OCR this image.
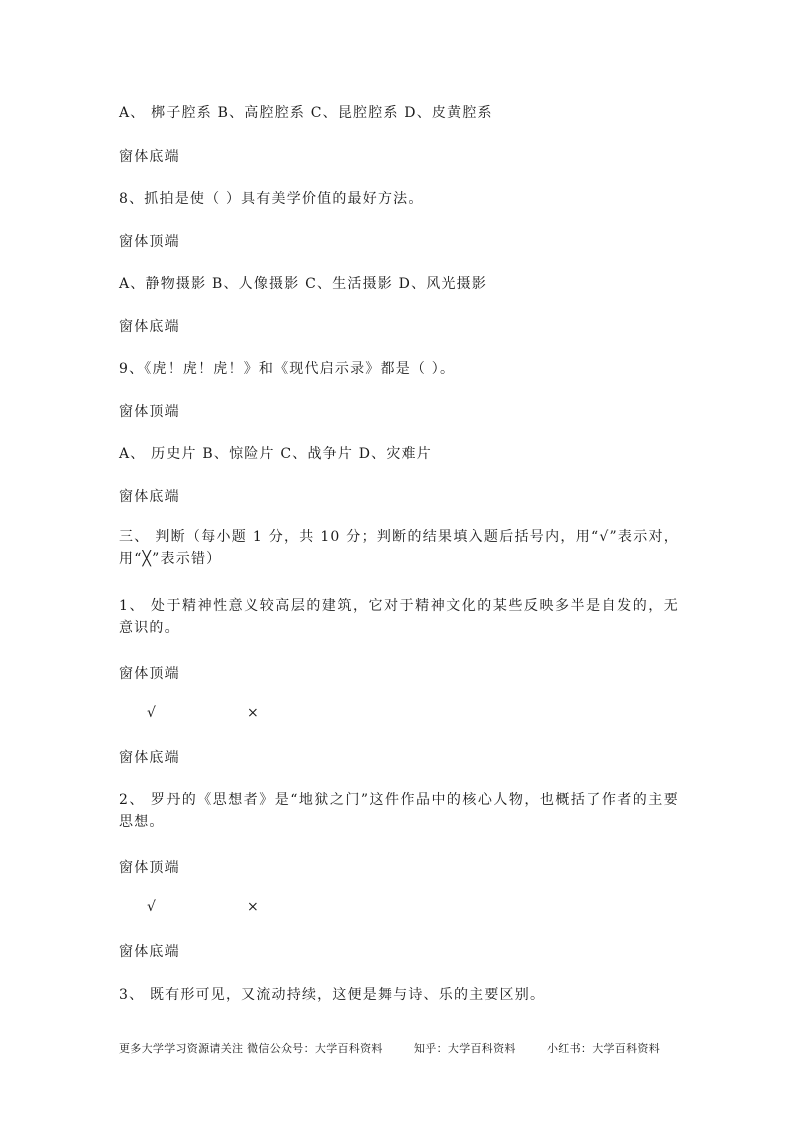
A、 梆子腔系 B、高腔腔系 C、昆腔腔系 D、皮黄腔系
窗体底端
8、抓拍是使（ ）具有美学价值的最好方法。
窗体顶端
A、静物摄影 B、人像摄影 C、生活摄影 D、风光摄影
窗体底端
9、《虎！虎！虎！》和《现代启示录》都是（ ）。
窗体顶端
A、 历史片 B、惊险片 C、战争片 D、灾难片
窗体底端
三、 判断（每小题 1 分，共 10 分；判断的结果填入题后括号内，用“√”表示对，用“╳”表示错）
1、 处于精神性意义较高层的建筑，它对于精神文化的某些反映多半是自发的，无意识的。
窗体顶端
√	×
窗体底端
2、 罗丹的《思想者》是“地狱之门”这件作品中的核心人物，也概括了作者的主要思想。
窗体顶端
√	×
窗体底端
3、 既有形可见，又流动持续，这便是舞与诗、乐的主要区别。
更多大学学习资源请关注 微信公众号：大学百科资料	知乎：大学百科资料	小红书：大学百科资料
